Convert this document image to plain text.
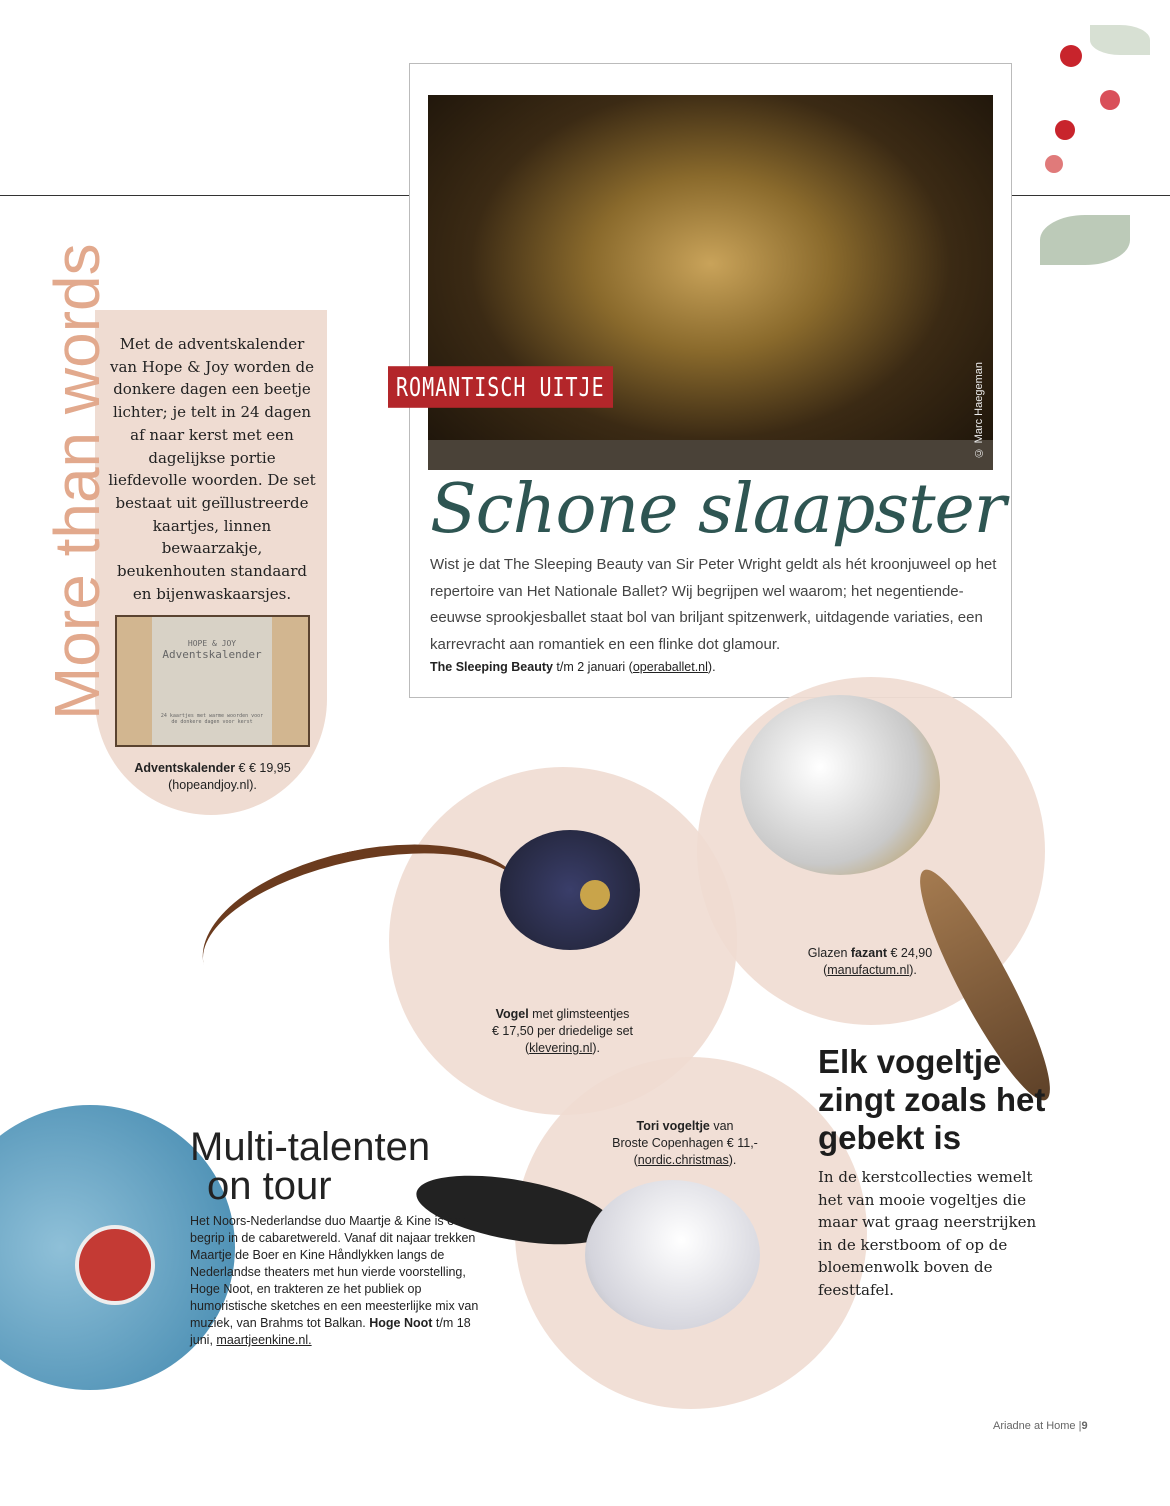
© Marc Haegeman
ROMANTISCH UITJE
Schone slaapster

Wist je dat The Sleeping Beauty van Sir Peter Wright geldt als hét kroonjuweel op het repertoire van Het Nationale Ballet? Wij begrijpen wel waarom; het negentiende-eeuwse sprookjesballet staat bol van briljant spitzenwerk, uitdagende variaties, een karrevracht aan romantiek en een flinke dot glamour.

The Sleeping Beauty t/m 2 januari (operaballet.nl).

More than words Met de adventskalender van Hope & Joy worden de donkere dagen een beetje lichter; je telt in 24 dagen af naar kerst met een dagelijkse portie liefdevolle woorden. De set bestaat uit geïllustreerde kaartjes, linnen bewaarzakje, beukenhouten standaard en bijenwaskaarsjes.

HOPE & JOY
Adventskalender
24 kaartjes met warme woorden voor de donkere dagen voor kerst
Adventskalender € € 19,95
(hopeandjoy.nl).
Vogel met glimsteentjes
€ 17,50 per driedelige set
(klevering.nl).
Glazen fazant € 24,90
(manufactum.nl).
Tori vogeltje van
Broste Copenhagen € 11,-
(nordic.christmas).
Multi-talenten
on tour

Het Noors-Nederlandse duo Maartje & Kine is een begrip in de cabaretwereld. Vanaf dit najaar trekken Maartje de Boer en Kine Håndlykken langs de Nederlandse theaters met hun vierde voorstelling, Hoge Noot, en trakteren ze het publiek op humoristische sketches en een meesterlijke mix van muziek, van Brahms tot Balkan. Hoge Noot t/m 18 juni, maartjeenkine.nl.

Elk vogeltje zingt zoals het gebekt is

In de kerstcollecties wemelt het van mooie vogeltjes die maar wat graag neerstrijken in de kerstboom of op de bloemenwolk boven de feesttafel.

Ariadne at Home |9
